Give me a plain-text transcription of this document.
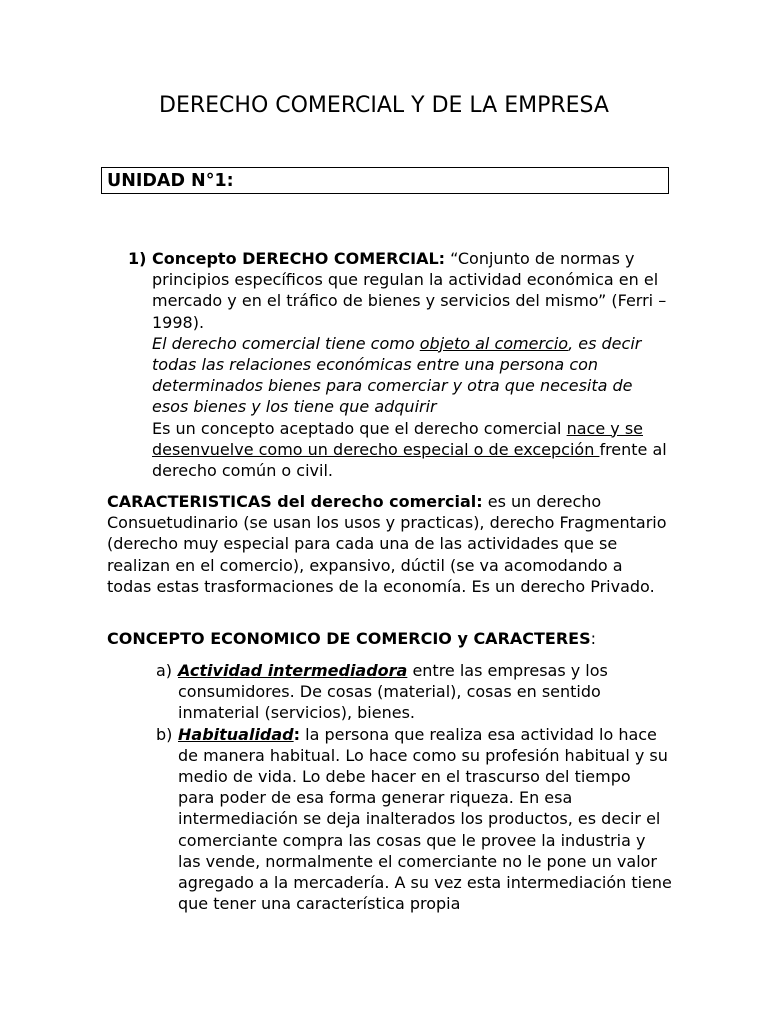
DERECHO COMERCIAL Y DE LA EMPRESA
UNIDAD N°1:
1) Concepto DERECHO COMERCIAL: “Conjunto de normas y principios específicos que regulan la actividad económica en el mercado y en el tráfico de bienes y servicios del mismo” (Ferri – 1998).

El derecho comercial tiene como objeto al comercio, es decir todas las relaciones económicas entre una persona con determinados bienes para comerciar y otra que necesita de esos bienes y los tiene que adquirir

Es un concepto aceptado que el derecho comercial nace y se desenvuelve como un derecho especial o de excepción frente al derecho común o civil.

CARACTERISTICAS del derecho comercial: es un derecho Consuetudinario (se usan los usos y practicas), derecho Fragmentario (derecho muy especial para cada una de las actividades que se realizan en el comercio), expansivo, dúctil (se va acomodando a todas estas trasformaciones de la economía. Es un derecho Privado.

CONCEPTO ECONOMICO DE COMERCIO y CARACTERES:

a) Actividad intermediadora entre las empresas y los consumidores. De cosas (material), cosas en sentido inmaterial (servicios), bienes.

b) Habitualidad: la persona que realiza esa actividad lo hace de manera habitual. Lo hace como su profesión habitual y su medio de vida. Lo debe hacer en el trascurso del tiempo para poder de esa forma generar riqueza. En esa intermediación se deja inalterados los productos, es decir el comerciante compra las cosas que le provee la industria y las vende, normalmente el comerciante no le pone un valor agregado a la mercadería. A su vez esta intermediación tiene que tener una característica propia
